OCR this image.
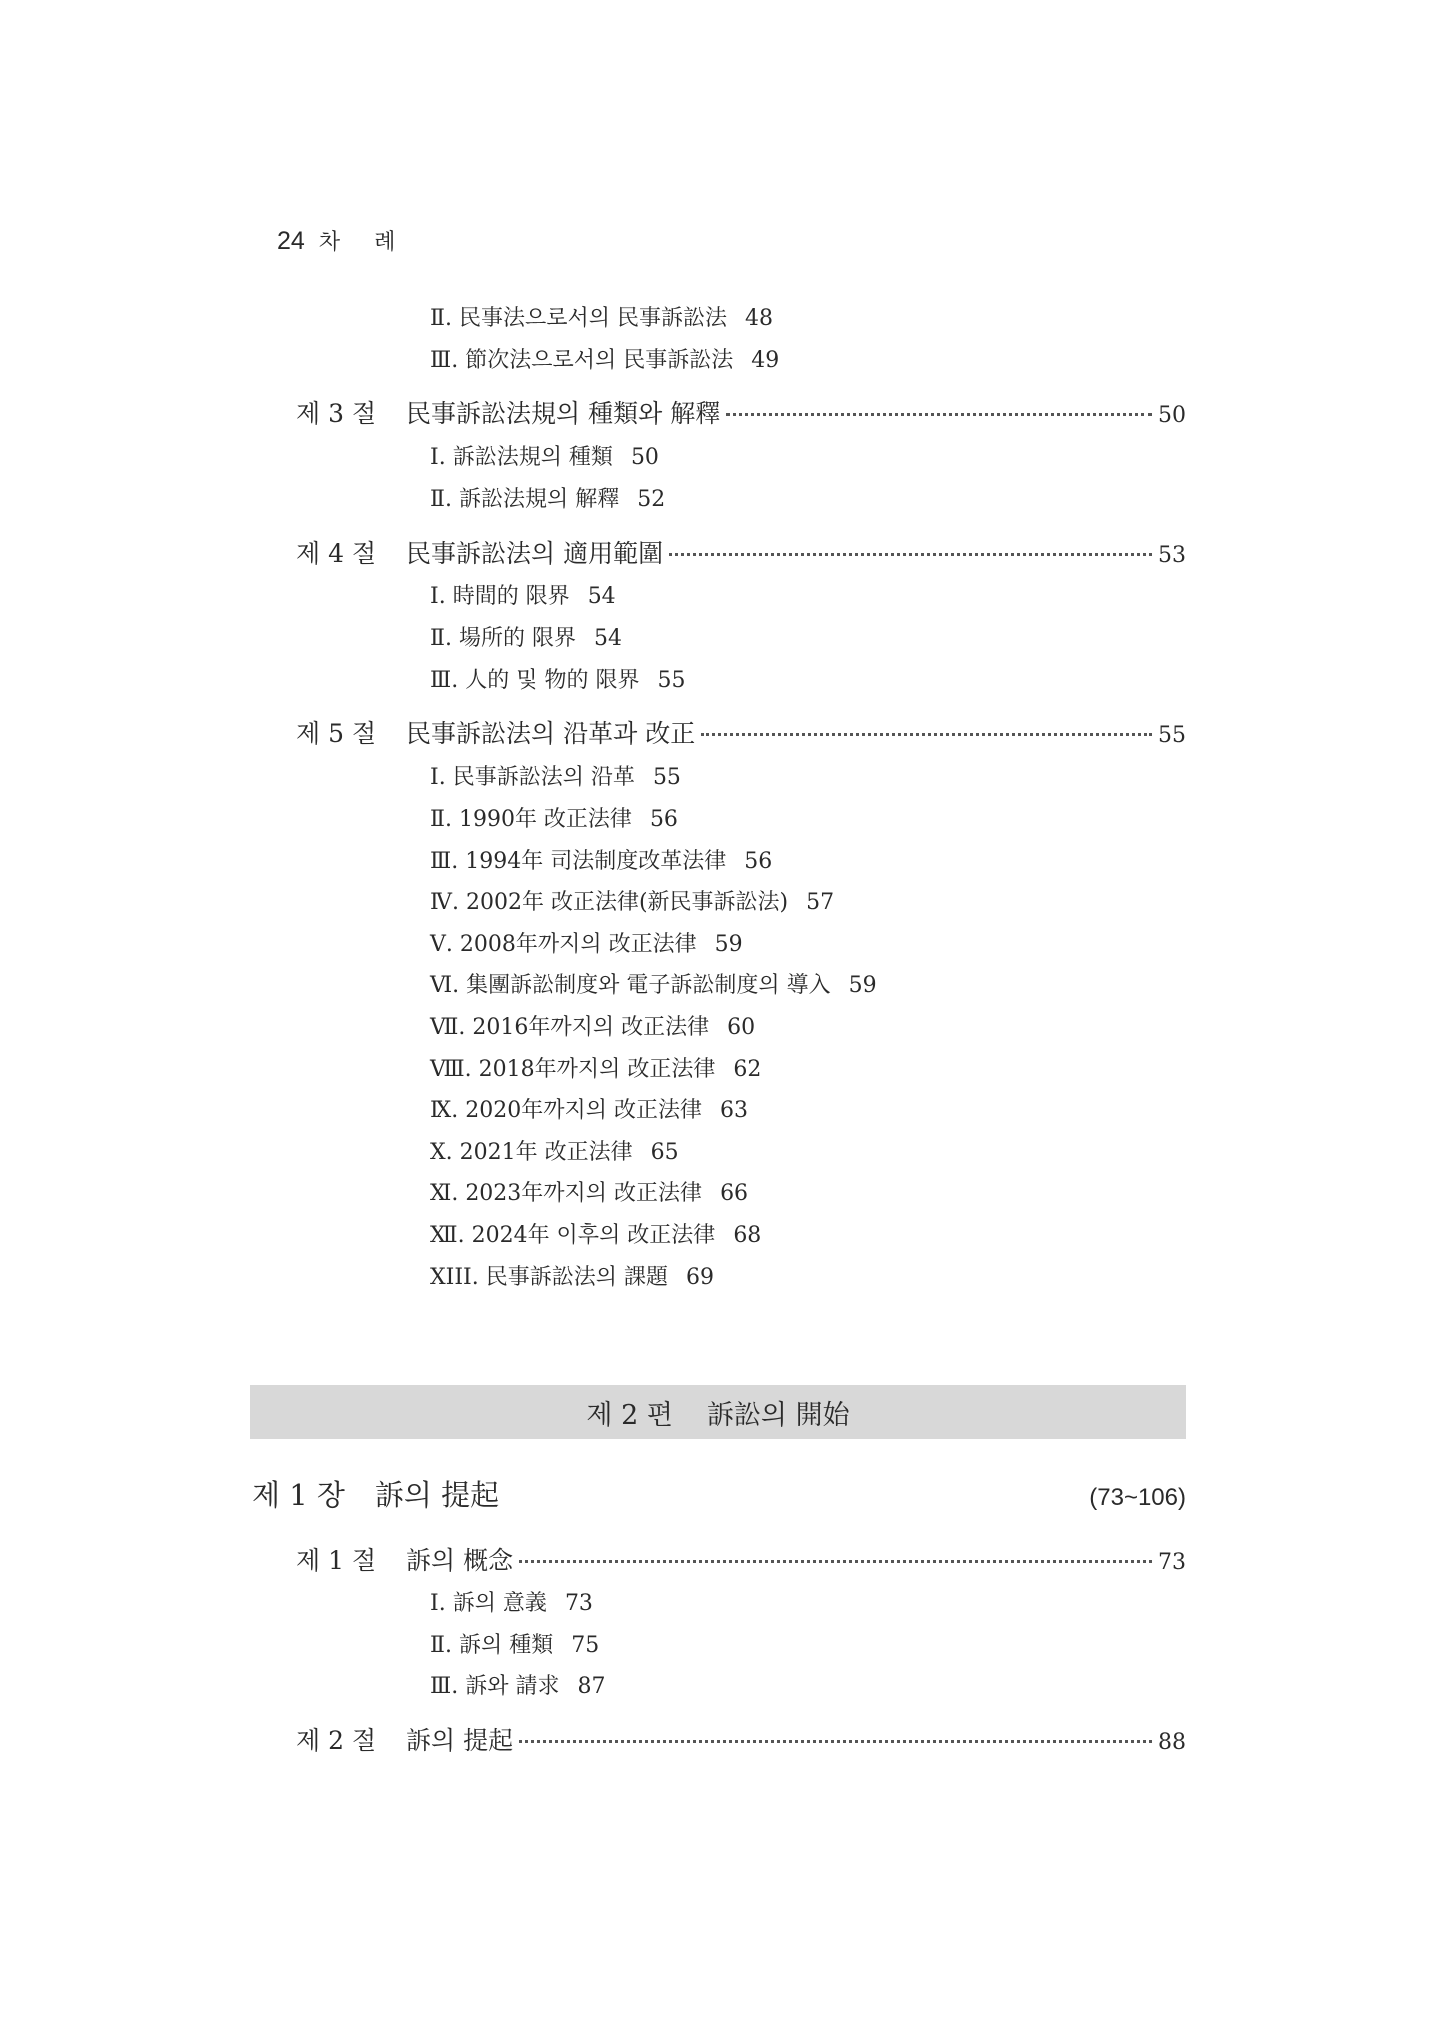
24 차례
Ⅱ. 民事法으로서의 民事訴訟法 48
Ⅲ. 節次法으로서의 民事訴訟法 49
제 3 절	民事訴訟法規의 種類와 解釋	50
Ⅰ. 訴訟法規의 種類 50
Ⅱ. 訴訟法規의 解釋 52
제 4 절	民事訴訟法의 適用範圍	53
Ⅰ. 時間的 限界 54
Ⅱ. 場所的 限界 54
Ⅲ. 人的 및 物的 限界 55
제 5 절	民事訴訟法의 沿革과 改正	55
Ⅰ. 民事訴訟法의 沿革 55
Ⅱ. 1990年 改正法律 56
Ⅲ. 1994年 司法制度改革法律 56
Ⅳ. 2002年 改正法律(新民事訴訟法) 57
Ⅴ. 2008年까지의 改正法律 59
Ⅵ. 集團訴訟制度와 電子訴訟制度의 導入 59
Ⅶ. 2016年까지의 改正法律 60
Ⅷ. 2018年까지의 改正法律 62
Ⅸ. 2020年까지의 改正法律 63
Ⅹ. 2021年 改正法律 65
Ⅺ. 2023年까지의 改正法律 66
Ⅻ. 2024年 이후의 改正法律 68
XIII. 民事訴訟法의 課題 69
제 2 편 訴訟의 開始
제 1 장 訴의 提起	(73~106)
제 1 절	訴의 概念	73
Ⅰ. 訴의 意義 73
Ⅱ. 訴의 種類 75
Ⅲ. 訴와 請求 87
제 2 절	訴의 提起	88
